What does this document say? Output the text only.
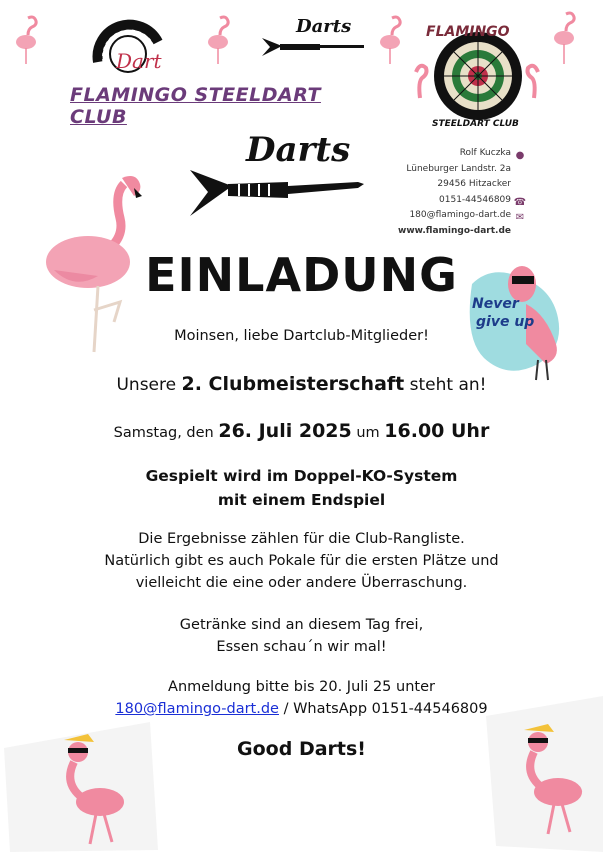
Dart
Darts
FLAMINGO STEELDART CLUB
FLAMINGO
STEELDART CLUB
Darts	Rolf Kuczka
Lüneburger Landstr. 2a
29456 Hitzacker
0151-44546809
180@flamingo-dart.de
www.flamingo-dart.de
●
☎
✉
Never
give up
EINLADUNG
Moinsen, liebe Dartclub-Mitglieder!
Unsere 2. Clubmeisterschaft steht an!
Samstag, den 26. Juli 2025 um 16.00 Uhr
Gespielt wird im Doppel-KO-System
mit einem Endspiel
Die Ergebnisse zählen für die Club-Rangliste.
Natürlich gibt es auch Pokale für die ersten Plätze und
vielleicht die eine oder andere Überraschung.
Getränke sind an diesem Tag frei,
Essen schau´n wir mal!
Anmeldung bitte bis 20. Juli 25 unter
180@flamingo-dart.de / WhatsApp 0151-44546809
Good Darts!
